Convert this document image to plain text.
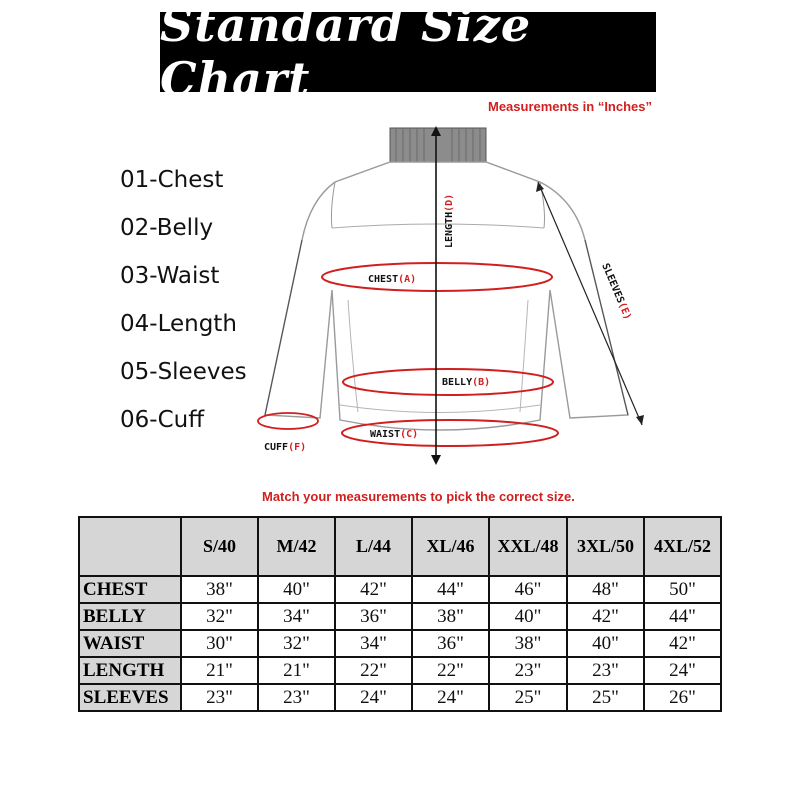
Standard Size Chart
Measurements in “Inches”
01-Chest
02-Belly
03-Waist
04-Length
05-Sleeves
06-Cuff
CHEST(A)
BELLY(B)
WAIST(C)
CUFF(F)
LENGTH(D)
SLEEVES(E)
Match your measurements to pick the correct size.
	S/40	M/42	L/44	XL/46	XXL/48	3XL/50	4XL/52
CHEST	38"	40"	42"	44"	46"	48"	50"
BELLY	32"	34"	36"	38"	40"	42"	44"
WAIST	30"	32"	34"	36"	38"	40"	42"
LENGTH	21"	21"	22"	22"	23"	23"	24"
SLEEVES	23"	23"	24"	24"	25"	25"	26"
